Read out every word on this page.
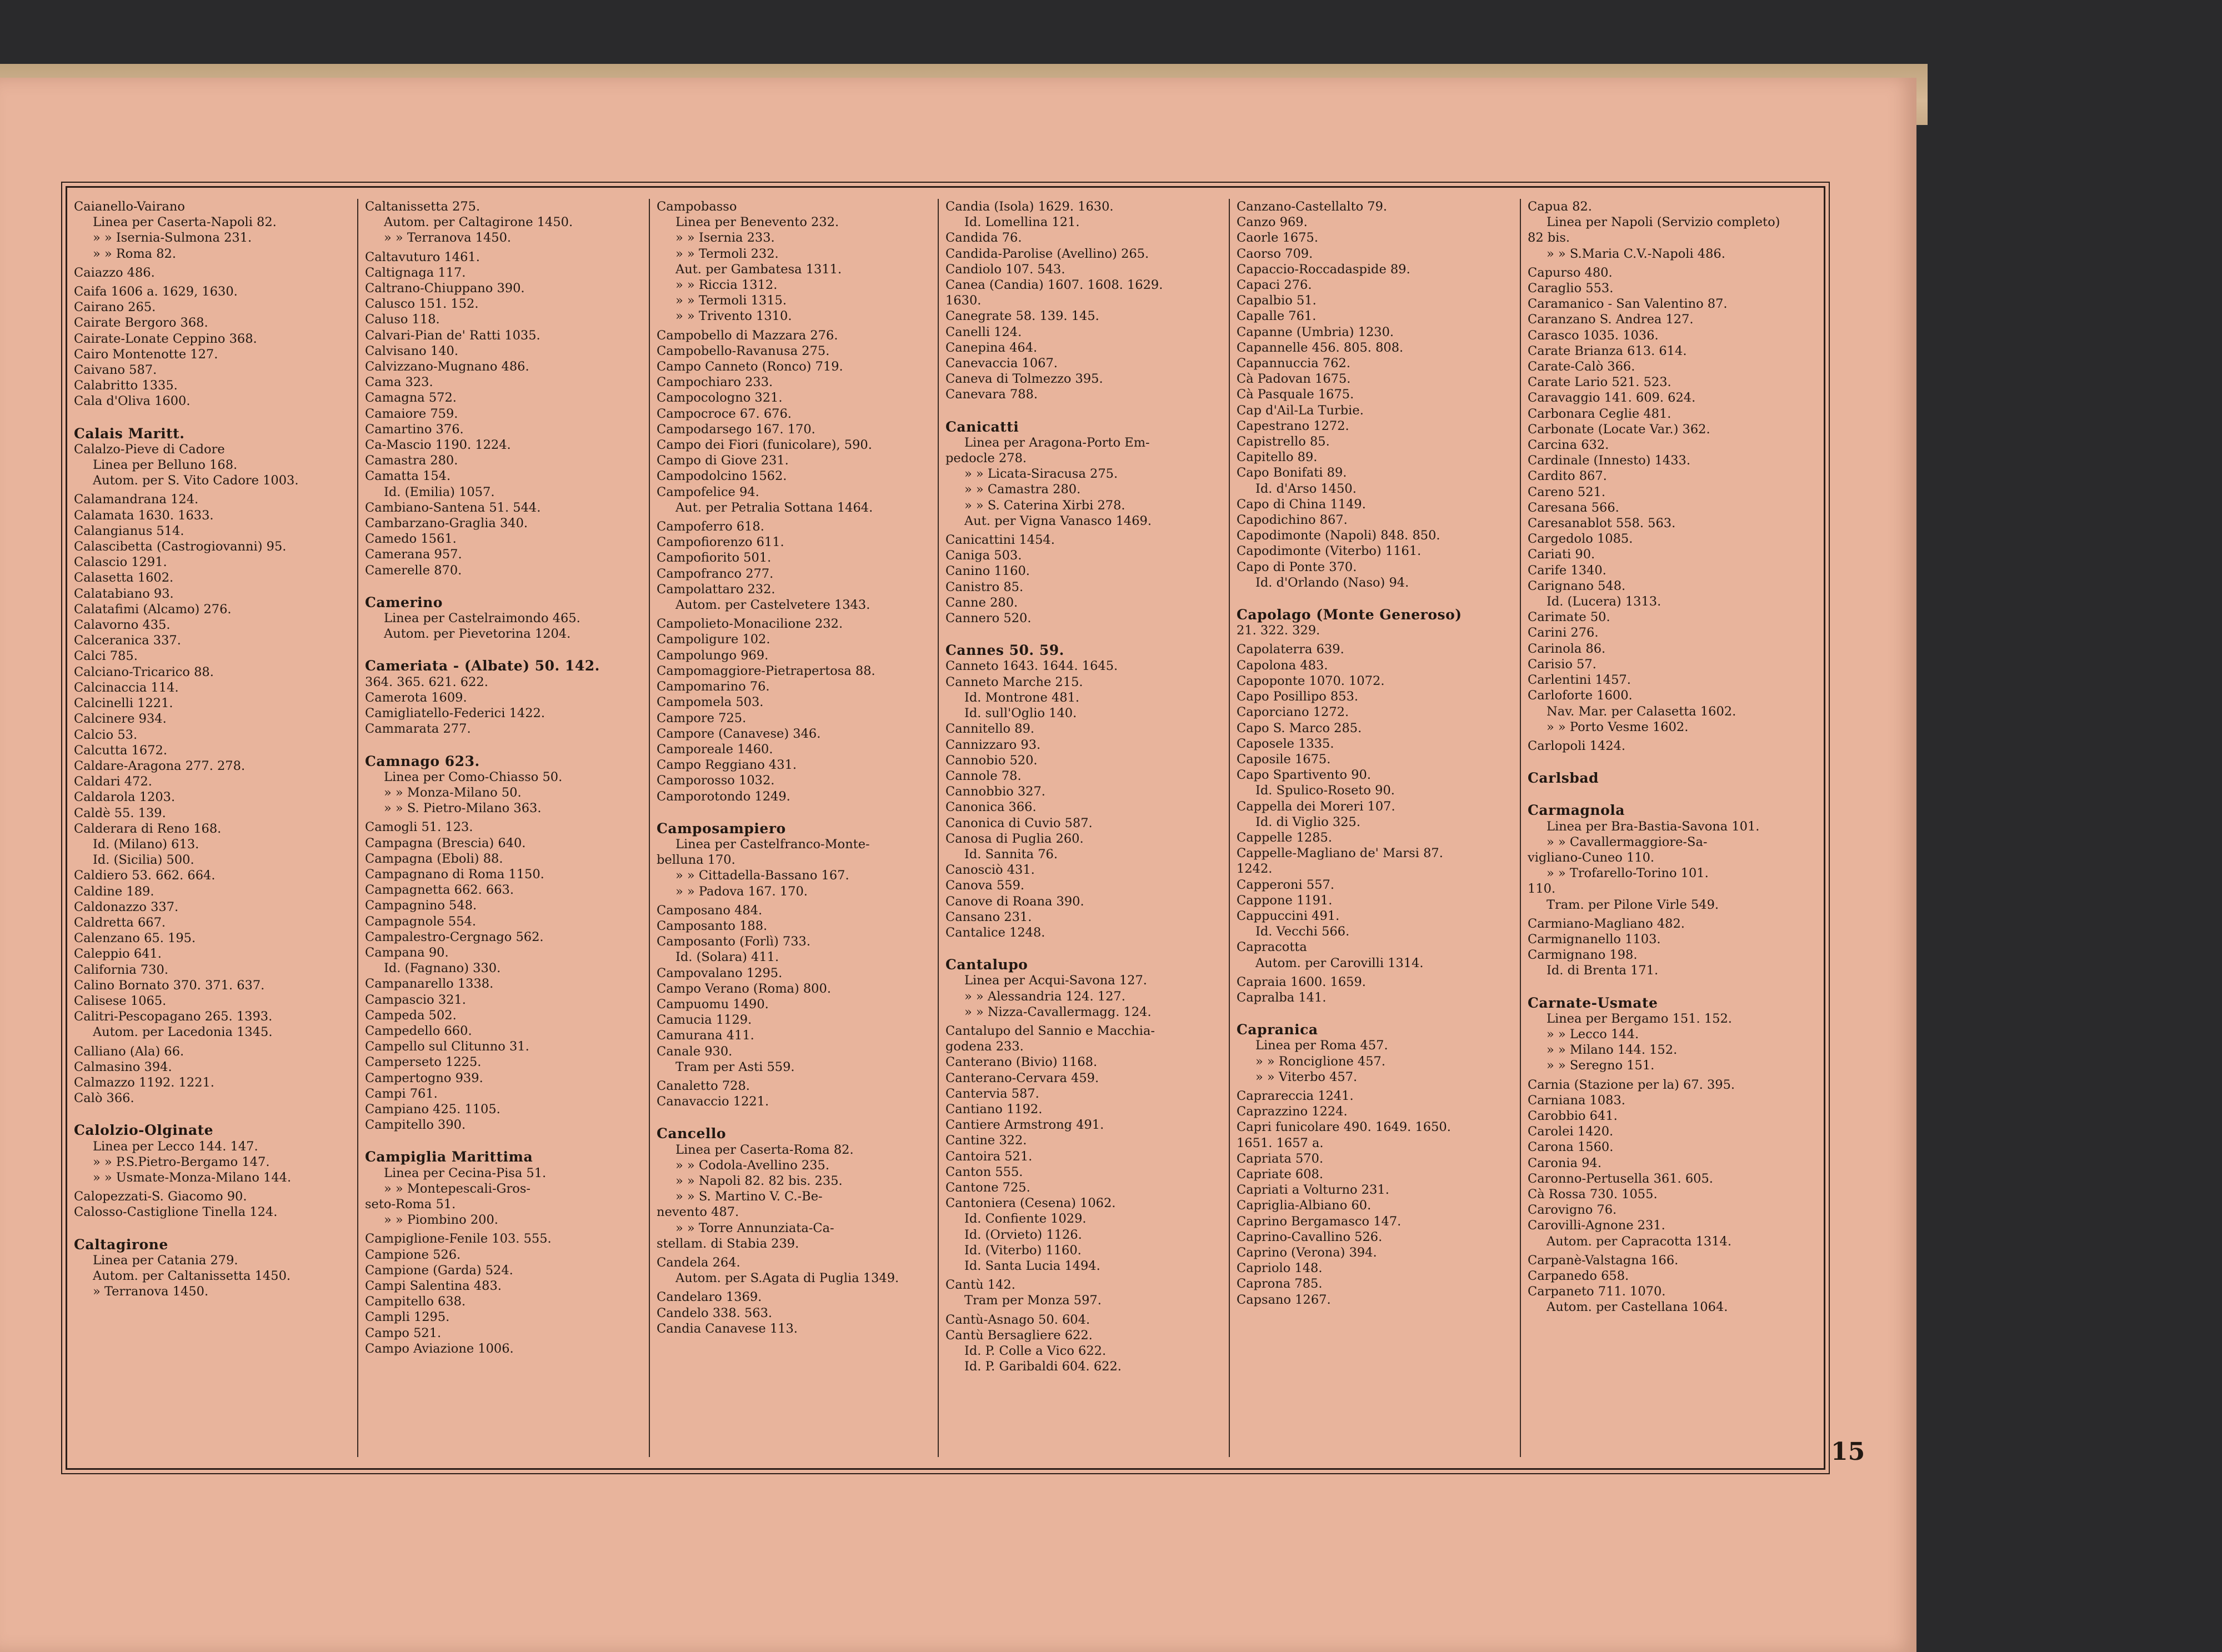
Caianello-Vairano
Linea per Caserta-Napoli 82.
» » Isernia-Sulmona 231.
» » Roma 82.
Caiazzo 486.
Caifa 1606 a. 1629, 1630.
Cairano 265.
Cairate Bergoro 368.
Cairate-Lonate Ceppino 368.
Cairo Montenotte 127.
Caivano 587.
Calabritto 1335.
Cala d'Oliva 1600.
Calais Maritt.
Calalzo-Pieve di Cadore
Linea per Belluno 168.
Autom. per S. Vito Cadore 1003.
Calamandrana 124.
Calamata 1630. 1633.
Calangianus 514.
Calascibetta (Castrogiovanni) 95.
Calascio 1291.
Calasetta 1602.
Calatabiano 93.
Calatafimi (Alcamo) 276.
Calavorno 435.
Calceranica 337.
Calci 785.
Calciano-Tricarico 88.
Calcinaccia 114.
Calcinelli 1221.
Calcinere 934.
Calcio 53.
Calcutta 1672.
Caldare-Aragona 277. 278.
Caldari 472.
Caldarola 1203.
Caldè 55. 139.
Calderara di Reno 168.
Id. (Milano) 613.
Id. (Sicilia) 500.
Caldiero 53. 662. 664.
Caldine 189.
Caldonazzo 337.
Caldretta 667.
Calenzano 65. 195.
Caleppio 641.
California 730.
Calino Bornato 370. 371. 637.
Calisese 1065.
Calitri-Pescopagano 265. 1393.
Autom. per Lacedonia 1345.
Calliano (Ala) 66.
Calmasino 394.
Calmazzo 1192. 1221.
Calò 366.
Calolzio-Olginate
Linea per Lecco 144. 147.
» » P.S.Pietro-Bergamo 147.
» » Usmate-Monza-Milano 144.
Calopezzati-S. Giacomo 90.
Calosso-Castiglione Tinella 124.
Caltagirone
Linea per Catania 279.
Autom. per Caltanissetta 1450.
» Terranova 1450.
Caltanissetta 275.
Autom. per Caltagirone 1450.
» » Terranova 1450.
Caltavuturo 1461.
Caltignaga 117.
Caltrano-Chiuppano 390.
Calusco 151. 152.
Caluso 118.
Calvari-Pian de' Ratti 1035.
Calvisano 140.
Calvizzano-Mugnano 486.
Cama 323.
Camagna 572.
Camaiore 759.
Camartino 376.
Ca-Mascio 1190. 1224.
Camastra 280.
Camatta 154.
Id. (Emilia) 1057.
Cambiano-Santena 51. 544.
Cambarzano-Graglia 340.
Camedo 1561.
Camerana 957.
Camerelle 870.
Camerino
Linea per Castelraimondo 465.
Autom. per Pievetorina 1204.
Cameriata - (Albate) 50. 142.
364. 365. 621. 622.
Camerota 1609.
Camigliatello-Federici 1422.
Cammarata 277.
Camnago 623.
Linea per Como-Chiasso 50.
» » Monza-Milano 50.
» » S. Pietro-Milano 363.
Camogli 51. 123.
Campagna (Brescia) 640.
Campagna (Eboli) 88.
Campagnano di Roma 1150.
Campagnetta 662. 663.
Campagnino 548.
Campagnole 554.
Campalestro-Cergnago 562.
Campana 90.
Id. (Fagnano) 330.
Campanarello 1338.
Campascio 321.
Campeda 502.
Campedello 660.
Campello sul Clitunno 31.
Camperseto 1225.
Campertogno 939.
Campi 761.
Campiano 425. 1105.
Campitello 390.
Campiglia Marittima
Linea per Cecina-Pisa 51.
» » Montepescali-Gros-
seto-Roma 51.
» » Piombino 200.
Campiglione-Fenile 103. 555.
Campione 526.
Campione (Garda) 524.
Campi Salentina 483.
Campitello 638.
Campli 1295.
Campo 521.
Campo Aviazione 1006.
Campobasso
Linea per Benevento 232.
» » Isernia 233.
» » Termoli 232.
Aut. per Gambatesa 1311.
» » Riccia 1312.
» » Termoli 1315.
» » Trivento 1310.
Campobello di Mazzara 276.
Campobello-Ravanusa 275.
Campo Canneto (Ronco) 719.
Campochiaro 233.
Campocologno 321.
Campocroce 67. 676.
Campodarsego 167. 170.
Campo dei Fiori (funicolare), 590.
Campo di Giove 231.
Campodolcino 1562.
Campofelice 94.
Aut. per Petralia Sottana 1464.
Campoferro 618.
Campofiorenzo 611.
Campofiorito 501.
Campofranco 277.
Campolattaro 232.
Autom. per Castelvetere 1343.
Campolieto-Monacilione 232.
Campoligure 102.
Campolungo 969.
Campomaggiore-Pietrapertosa 88.
Campomarino 76.
Campomela 503.
Campore 725.
Campore (Canavese) 346.
Camporeale 1460.
Campo Reggiano 431.
Camporosso 1032.
Camporotondo 1249.
Camposampiero
Linea per Castelfranco-Monte-
belluna 170.
» » Cittadella-Bassano 167.
» » Padova 167. 170.
Camposano 484.
Camposanto 188.
Camposanto (Forlì) 733.
Id. (Solara) 411.
Campovalano 1295.
Campo Verano (Roma) 800.
Campuomu 1490.
Camucia 1129.
Camurana 411.
Canale 930.
Tram per Asti 559.
Canaletto 728.
Canavaccio 1221.
Cancello
Linea per Caserta-Roma 82.
» » Codola-Avellino 235.
» » Napoli 82. 82 bis. 235.
» » S. Martino V. C.-Be-
nevento 487.
» » Torre Annunziata-Ca-
stellam. di Stabia 239.
Candela 264.
Autom. per S.Agata di Puglia 1349.
Candelaro 1369.
Candelo 338. 563.
Candia Canavese 113.
Candia (Isola) 1629. 1630.
Id. Lomellina 121.
Candida 76.
Candida-Parolise (Avellino) 265.
Candiolo 107. 543.
Canea (Candia) 1607. 1608. 1629.
1630.
Canegrate 58. 139. 145.
Canelli 124.
Canepina 464.
Canevaccia 1067.
Caneva di Tolmezzo 395.
Canevara 788.
Canicatti
Linea per Aragona-Porto Em-
pedocle 278.
» » Licata-Siracusa 275.
» » Camastra 280.
» » S. Caterina Xirbi 278.
Aut. per Vigna Vanasco 1469.
Canicattini 1454.
Caniga 503.
Canino 1160.
Canistro 85.
Canne 280.
Cannero 520.
Cannes 50. 59.
Canneto 1643. 1644. 1645.
Canneto Marche 215.
Id. Montrone 481.
Id. sull'Oglio 140.
Cannitello 89.
Cannizzaro 93.
Cannobio 520.
Cannole 78.
Cannobbio 327.
Canonica 366.
Canonica di Cuvio 587.
Canosa di Puglia 260.
Id. Sannita 76.
Canosciò 431.
Canova 559.
Canove di Roana 390.
Cansano 231.
Cantalice 1248.
Cantalupo
Linea per Acqui-Savona 127.
» » Alessandria 124. 127.
» » Nizza-Cavallermagg. 124.
Cantalupo del Sannio e Macchia-
godena 233.
Canterano (Bivio) 1168.
Canterano-Cervara 459.
Cantervia 587.
Cantiano 1192.
Cantiere Armstrong 491.
Cantine 322.
Cantoira 521.
Canton 555.
Cantone 725.
Cantoniera (Cesena) 1062.
Id. Confiente 1029.
Id. (Orvieto) 1126.
Id. (Viterbo) 1160.
Id. Santa Lucia 1494.
Cantù 142.
Tram per Monza 597.
Cantù-Asnago 50. 604.
Cantù Bersagliere 622.
Id. P. Colle a Vico 622.
Id. P. Garibaldi 604. 622.
Canzano-Castellalto 79.
Canzo 969.
Caorle 1675.
Caorso 709.
Capaccio-Roccadaspide 89.
Capaci 276.
Capalbio 51.
Capalle 761.
Capanne (Umbria) 1230.
Capannelle 456. 805. 808.
Capannuccia 762.
Cà Padovan 1675.
Cà Pasquale 1675.
Cap d'Ail-La Turbie.
Capestrano 1272.
Capistrello 85.
Capitello 89.
Capo Bonifati 89.
Id. d'Arso 1450.
Capo di China 1149.
Capodichino 867.
Capodimonte (Napoli) 848. 850.
Capodimonte (Viterbo) 1161.
Capo di Ponte 370.
Id. d'Orlando (Naso) 94.
Capolago (Monte Generoso)
21. 322. 329.
Capolaterra 639.
Capolona 483.
Capoponte 1070. 1072.
Capo Posillipo 853.
Caporciano 1272.
Capo S. Marco 285.
Caposele 1335.
Caposile 1675.
Capo Spartivento 90.
Id. Spulico-Roseto 90.
Cappella dei Moreri 107.
Id. di Viglio 325.
Cappelle 1285.
Cappelle-Magliano de' Marsi 87.
1242.
Capperoni 557.
Cappone 1191.
Cappuccini 491.
Id. Vecchi 566.
Capracotta
Autom. per Carovilli 1314.
Capraia 1600. 1659.
Capralba 141.
Capranica
Linea per Roma 457.
» » Ronciglione 457.
» » Viterbo 457.
Caprareccia 1241.
Caprazzino 1224.
Capri funicolare 490. 1649. 1650.
1651. 1657 a.
Capriata 570.
Capriate 608.
Capriati a Volturno 231.
Capriglia-Albiano 60.
Caprino Bergamasco 147.
Caprino-Cavallino 526.
Caprino (Verona) 394.
Capriolo 148.
Caprona 785.
Capsano 1267.
Capua 82.
Linea per Napoli (Servizio completo)
82 bis.
» » S.Maria C.V.-Napoli 486.
Capurso 480.
Caraglio 553.
Caramanico - San Valentino 87.
Caranzano S. Andrea 127.
Carasco 1035. 1036.
Carate Brianza 613. 614.
Carate-Calò 366.
Carate Lario 521. 523.
Caravaggio 141. 609. 624.
Carbonara Ceglie 481.
Carbonate (Locate Var.) 362.
Carcina 632.
Cardinale (Innesto) 1433.
Cardito 867.
Careno 521.
Caresana 566.
Caresanablot 558. 563.
Cargedolo 1085.
Cariati 90.
Carife 1340.
Carignano 548.
Id. (Lucera) 1313.
Carimate 50.
Carini 276.
Carinola 86.
Carisio 57.
Carlentini 1457.
Carloforte 1600.
Nav. Mar. per Calasetta 1602.
» » Porto Vesme 1602.
Carlopoli 1424.
Carlsbad
Carmagnola
Linea per Bra-Bastia-Savona 101.
» » Cavallermaggiore-Sa-
vigliano-Cuneo 110.
» » Trofarello-Torino 101.
110.
Tram. per Pilone Virle 549.
Carmiano-Magliano 482.
Carmignanello 1103.
Carmignano 198.
Id. di Brenta 171.
Carnate-Usmate
Linea per Bergamo 151. 152.
» » Lecco 144.
» » Milano 144. 152.
» » Seregno 151.
Carnia (Stazione per la) 67. 395.
Carniana 1083.
Carobbio 641.
Carolei 1420.
Carona 1560.
Caronia 94.
Caronno-Pertusella 361. 605.
Cà Rossa 730. 1055.
Carovigno 76.
Carovilli-Agnone 231.
Autom. per Capracotta 1314.
Carpanè-Valstagna 166.
Carpanedo 658.
Carpaneto 711. 1070.
Autom. per Castellana 1064.
15
